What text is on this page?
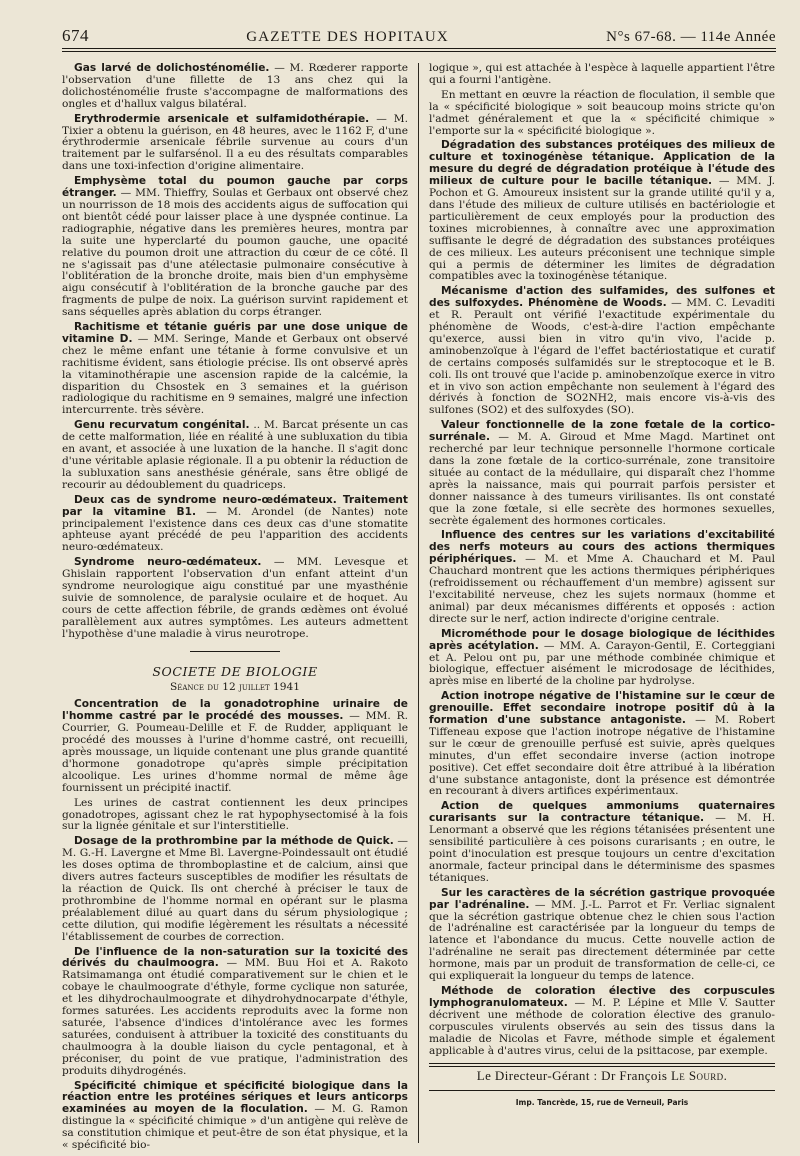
674	GAZETTE DES HOPITAUX	N°s 67-68. — 114e Année
Gas larvé de dolichosténomélie. — M. Rœderer rapporte l'observation d'une fillette de 13 ans chez qui la dolichosténomélie fruste s'accompagne de malformations des ongles et d'hallux valgus bilatéral.
Erythrodermie arsenicale et sulfamidothérapie. — M. Tixier a obtenu la guérison, en 48 heures, avec le 1162 F, d'une érythrodermie arsenicale fébrile survenue au cours d'un traitement par le sulfarsénol. Il a eu des résultats comparables dans une toxi-infection d'origine alimentaire.
Emphysème total du poumon gauche par corps étranger. — MM. Thieffry, Soulas et Gerbaux ont observé chez un nourrisson de 18 mois des accidents aigus de suffocation qui ont bientôt cédé pour laisser place à une dyspnée continue. La radiographie, négative dans les premières heures, montra par la suite une hyperclarté du poumon gauche, une opacité relative du poumon droit une attraction du cœur de ce côté. Il ne s'agissait pas d'une atélectasie pulmonaire consécutive à l'oblitération de la bronche droite, mais bien d'un emphysème aigu consécutif à l'oblitération de la bronche gauche par des fragments de pulpe de noix. La guérison survint rapidement et sans séquelles après ablation du corps étranger.
Rachitisme et tétanie guéris par une dose unique de vitamine D. — MM. Seringe, Mande et Gerbaux ont observé chez le même enfant une tétanie à forme convulsive et un rachitisme évident, sans étiologie précise. Ils ont observé après la vitaminothérapie une ascension rapide de la calcémie, la disparition du Chsostek en 3 semaines et la guérison radiologique du rachitisme en 9 semaines, malgré une infection intercurrente. très sévère.
Genu recurvatum congénital. .. M. Barcat présente un cas de cette malformation, liée en réalité à une subluxation du tibia en avant, et associée à une luxation de la hanche. Il s'agit donc d'une véritable aplasie régionale. Il a pu obtenir la réduction de la subluxation sans anesthésie générale, sans être obligé de recourir au dédoublement du quadriceps.
Deux cas de syndrome neuro-œdémateux. Traitement par la vitamine B1. — M. Arondel (de Nantes) note principalement l'existence dans ces deux cas d'une stomatite aphteuse ayant précédé de peu l'apparition des accidents neuro-œdémateux.
Syndrome neuro-œdémateux. — MM. Levesque et Ghislain rapportent l'observation d'un enfant atteint d'un syndrome neurologique aigu constitué par une myasthénie suivie de somnolence, de paralysie oculaire et de hoquet. Au cours de cette affection fébrile, de grands œdèmes ont évolué parallèlement aux autres symptômes. Les auteurs admettent l'hypothèse d'une maladie à virus neurotrope.
SOCIETE DE BIOLOGIE
Séance du 12 juillet 1941
Concentration de la gonadotrophine urinaire de l'homme castré par le procédé des mousses. — MM. R. Courrier, G. Poumeau-Delille et F. de Rudder, appliquant le procédé des mousses à l'urine d'homme castré, ont recueilli, après moussage, un liquide contenant une plus grande quantité d'hormone gonadotrope qu'après simple précipitation alcoolique. Les urines d'homme normal de même âge fournissent un précipité inactif.
Les urines de castrat contiennent les deux principes gonadotropes, agissant chez le rat hypophysectomisé à la fois sur la lignée génitale et sur l'interstitielle.
Dosage de la prothrombine par la méthode de Quick. — M. G.-H. Lavergne et Mme Bl. Lavergne-Poindessault ont étudié les doses optima de thromboplastine et de calcium, ainsi que divers autres facteurs susceptibles de modifier les résultats de la réaction de Quick. Ils ont cherché à préciser le taux de prothrombine de l'homme normal en opérant sur le plasma préalablement dilué au quart dans du sérum physiologique ; cette dilution, qui modifie légèrement les résultats a nécessité l'établissement de courbes de correction.
De l'influence de la non-saturation sur la toxicité des dérivés du chaulmoogra. — MM. Buu Hoi et A. Rakoto Ratsimamanga ont étudié comparativement sur le chien et le cobaye le chaulmoograte d'éthyle, forme cyclique non saturée, et les dihydrochaulmoograte et dihydrohydnocarpate d'éthyle, formes saturées. Les accidents reproduits avec la forme non saturée, l'absence d'indices d'intolérance avec les formes saturées, conduisent à attribuer la toxicité des constituants du chaulmoogra à la double liaison du cycle pentagonal, et à préconiser, du point de vue pratique, l'administration des produits dihydrogénés.
Spécificité chimique et spécificité biologique dans la réaction entre les protéines sériques et leurs anticorps examinées au moyen de la floculation. — M. G. Ramon distingue la « spécificité chimique » d'un antigène qui relève de sa constitution chimique et peut-être de son état physique, et la « spécificité bio-
logique », qui est attachée à l'espèce à laquelle appartient l'être qui a fourni l'antigène.
En mettant en œuvre la réaction de floculation, il semble que la « spécificité biologique » soit beaucoup moins stricte qu'on l'admet généralement et que la « spécificité chimique » l'emporte sur la « spécificité biologique ».
Dégradation des substances protéiques des milieux de culture et toxinogénèse tétanique. Application de la mesure du degré de dégradation protéique à l'étude des milieux de culture pour le bacille tétanique. — MM. J. Pochon et G. Amoureux insistent sur la grande utilité qu'il y a, dans l'étude des milieux de culture utilisés en bactériologie et particulièrement de ceux employés pour la production des toxines microbiennes, à connaître avec une approximation suffisante le degré de dégradation des substances protéiques de ces milieux. Les auteurs préconisent une technique simple qui a permis de déterminer les limites de dégradation compatibles avec la toxinogénèse tétanique.
Mécanisme d'action des sulfamides, des sulfones et des sulfoxydes. Phénomène de Woods. — MM. C. Levaditi et R. Perault ont vérifié l'exactitude expérimentale du phénomène de Woods, c'est-à-dire l'action empêchante qu'exerce, aussi bien in vitro qu'in vivo, l'acide p. aminobenzoïque à l'égard de l'effet bactériostatique et curatif de certains composés sulfamidés sur le streptocoque et le B. coli. Ils ont trouvé que l'acide p. aminobenzoïque exerce in vitro et in vivo son action empêchante non seulement à l'égard des dérivés à fonction de SO2NH2, mais encore vis-à-vis des sulfones (SO2) et des sulfoxydes (SO).
Valeur fonctionnelle de la zone fœtale de la cortico-surrénale. — M. A. Giroud et Mme Magd. Martinet ont recherché par leur technique personnelle l'hormone corticale dans la zone fœtale de la cortico-surrénale, zone transitoire située au contact de la médullaire, qui disparaît chez l'homme après la naissance, mais qui pourrait parfois persister et donner naissance à des tumeurs virilisantes. Ils ont constaté que la zone fœtale, si elle secrète des hormones sexuelles, secrète également des hormones corticales.
Influence des centres sur les variations d'excitabilité des nerfs moteurs au cours des actions thermiques périphériques. — M. et Mme A. Chauchard et M. Paul Chauchard montrent que les actions thermiques périphériques (refroidissement ou réchauffement d'un membre) agissent sur l'excitabilité nerveuse, chez les sujets normaux (homme et animal) par deux mécanismes différents et opposés : action directe sur le nerf, action indirecte d'origine centrale.
Microméthode pour le dosage biologique de lécithides après acétylation. — MM. A. Carayon-Gentil, E. Corteggiani et A. Pelou ont pu, par une méthode combinée chimique et biologique, effectuer aisément le microdosage de lécithides, après mise en liberté de la choline par hydrolyse.
Action inotrope négative de l'histamine sur le cœur de grenouille. Effet secondaire inotrope positif dû à la formation d'une substance antagoniste. — M. Robert Tiffeneau expose que l'action inotrope négative de l'histamine sur le cœur de grenouille perfusé est suivie, après quelques minutes, d'un effet secondaire inverse (action inotrope positive). Cet effet secondaire doit être attribué à la libération d'une substance antagoniste, dont la présence est démontrée en recourant à divers artifices expérimentaux.
Action de quelques ammoniums quaternaires curarisants sur la contracture tétanique. — M. H. Lenormant a observé que les régions tétanisées présentent une sensibilité particulière à ces poisons curarisants ; en outre, le point d'inoculation est presque toujours un centre d'excitation anormale, facteur principal dans le déterminisme des spasmes tétaniques.
Sur les caractères de la sécrétion gastrique provoquée par l'adrénaline. — MM. J.-L. Parrot et Fr. Verliac signalent que la sécrétion gastrique obtenue chez le chien sous l'action de l'adrénaline est caractérisée par la longueur du temps de latence et l'abondance du mucus. Cette nouvelle action de l'adrénaline ne serait pas directement déterminée par cette hormone, mais par un produit de transformation de celle-ci, ce qui expliquerait la longueur du temps de latence.
Méthode de coloration élective des corpuscules lymphogranulomateux. — M. P. Lépine et Mlle V. Sautter décrivent une méthode de coloration élective des granulo-corpuscules virulents observés au sein des tissus dans la maladie de Nicolas et Favre, méthode simple et également applicable à d'autres virus, celui de la psittacose, par exemple.
Le Directeur-Gérant : Dr François Le Sourd.
Imp. Tancrède, 15, rue de Verneuil, Paris
